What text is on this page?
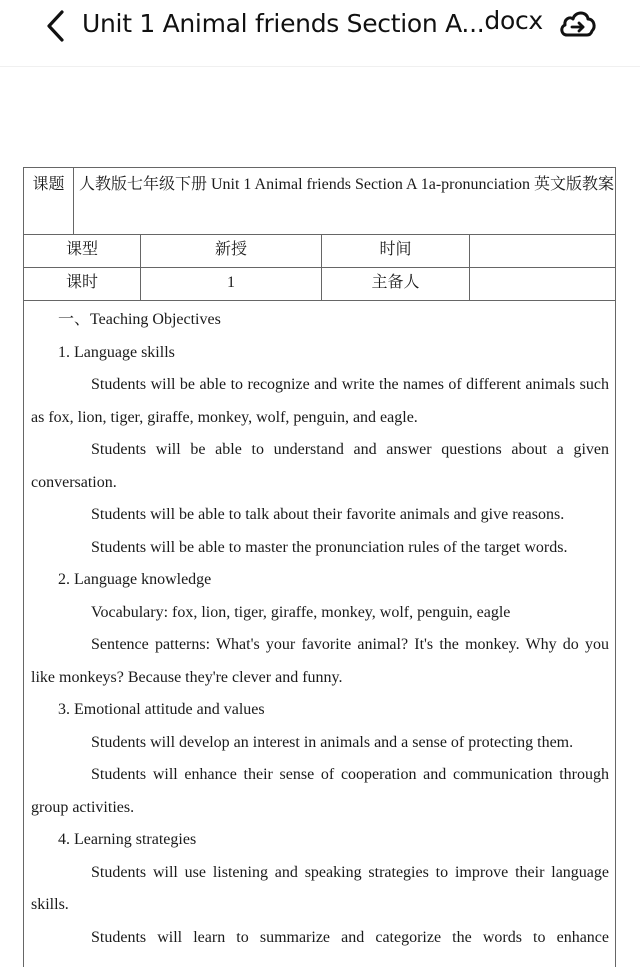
Unit 1 Animal friends Section A...docx
课题 人教版七年级下册 Unit 1 Animal friends Section A 1a-pronunciation 英文版教案
课型	新授	时间
课时	1	主备人

一、Teaching Objectives

1. Language skills

Students will be able to recognize and write the names of different animals such as fox, lion, tiger, giraffe, monkey, wolf, penguin, and eagle.

Students will be able to understand and answer questions about a given conversation.

Students will be able to talk about their favorite animals and give reasons.

Students will be able to master the pronunciation rules of the target words.

2. Language knowledge

Vocabulary: fox, lion, tiger, giraffe, monkey, wolf, penguin, eagle

Sentence patterns: What's your favorite animal? It's the monkey. Why do you like monkeys? Because they're clever and funny.

3. Emotional attitude and values

Students will develop an interest in animals and a sense of protecting them.

Students will enhance their sense of cooperation and communication through group activities.

4. Learning strategies

Students will use listening and speaking strategies to improve their language skills.

Students will learn to summarize and categorize the words to enhance
